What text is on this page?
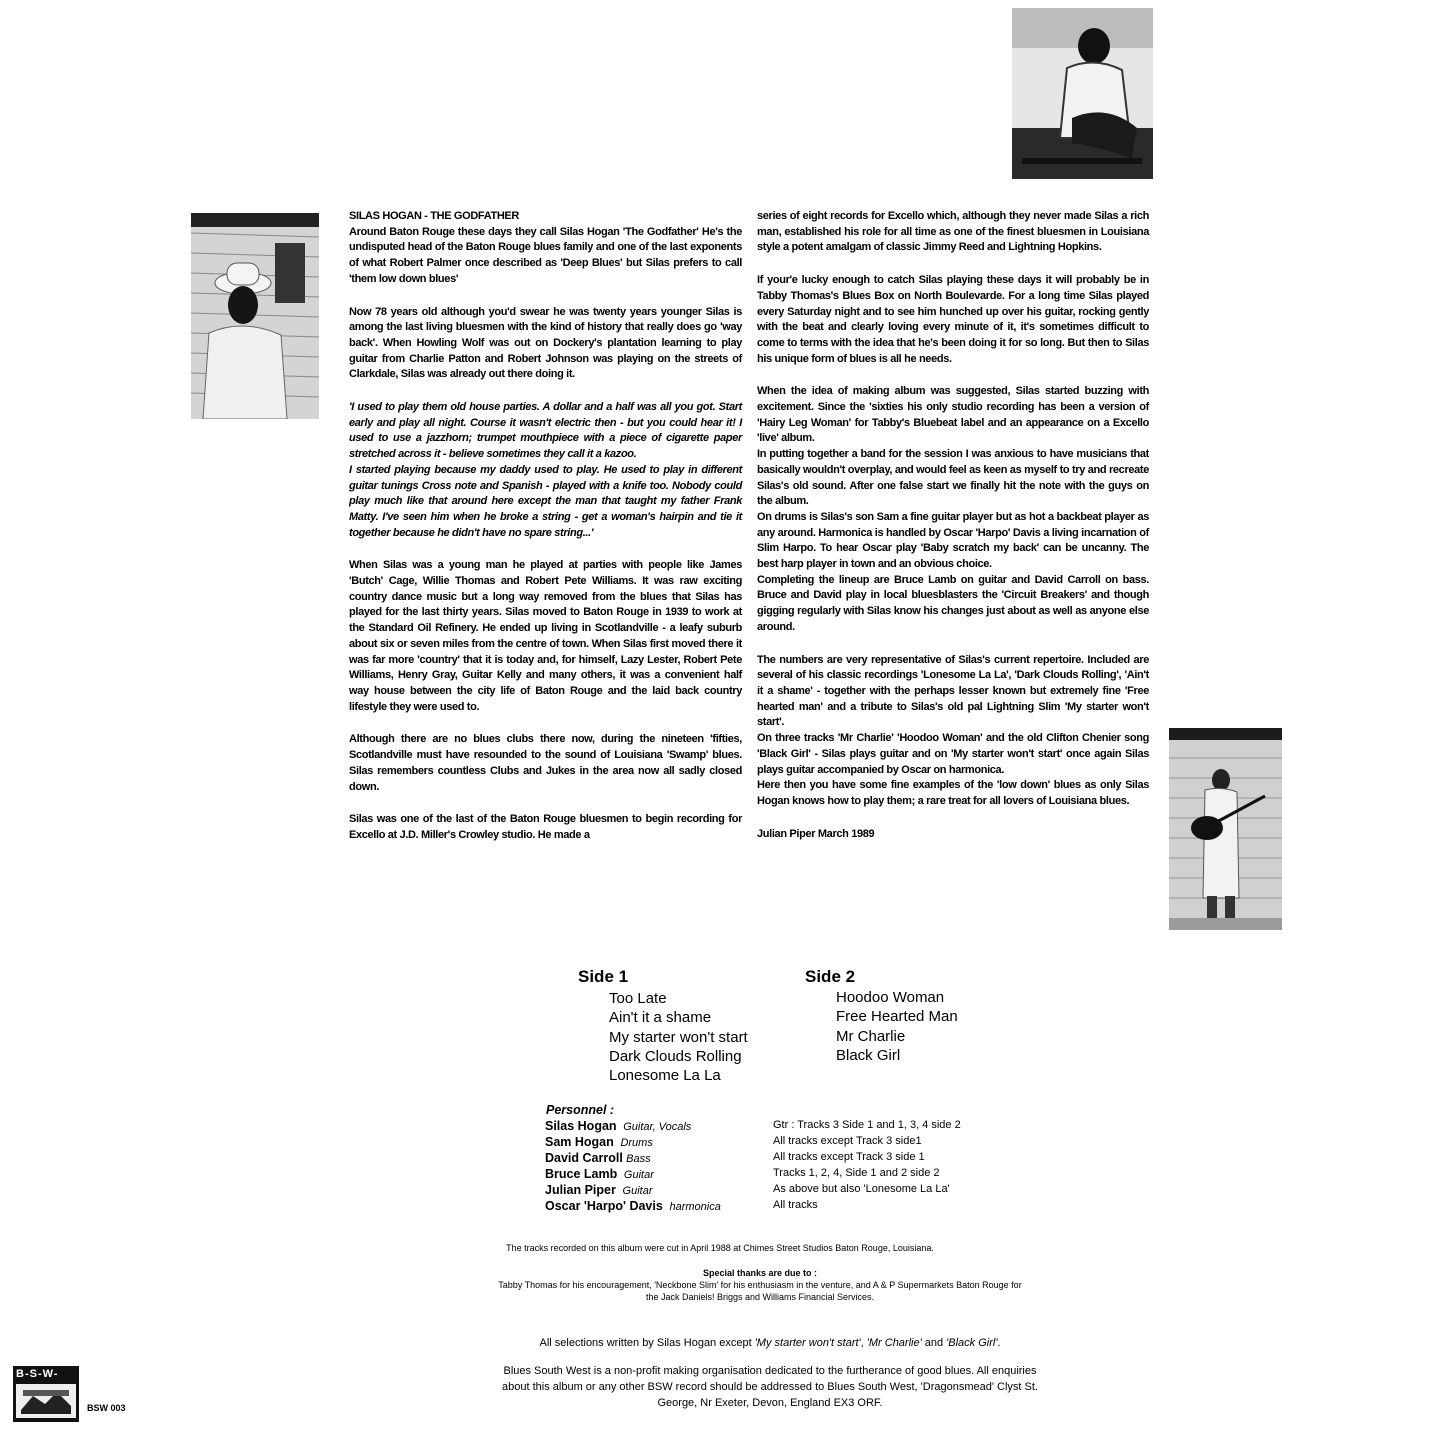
SILAS HOGAN - THE GODFATHER

Around Baton Rouge these days they call Silas Hogan 'The Godfather' He's the undisputed head of the Baton Rouge blues family and one of the last exponents of what Robert Palmer once described as 'Deep Blues' but Silas prefers to call 'them low down blues'

Now 78 years old although you'd swear he was twenty years younger Silas is among the last living bluesmen with the kind of history that really does go 'way back'. When Howling Wolf was out on Dockery's plantation learning to play guitar from Charlie Patton and Robert Johnson was playing on the streets of Clarkdale, Silas was already out there doing it.

'I used to play them old house parties. A dollar and a half was all you got. Start early and play all night. Course it wasn't electric then - but you could hear it! I used to use a jazzhorn; trumpet mouthpiece with a piece of cigarette paper stretched across it - believe sometimes they call it a kazoo.

I started playing because my daddy used to play. He used to play in different guitar tunings Cross note and Spanish - played with a knife too. Nobody could play much like that around here except the man that taught my father Frank Matty. I've seen him when he broke a string - get a woman's hairpin and tie it together because he didn't have no spare string...'

When Silas was a young man he played at parties with people like James 'Butch' Cage, Willie Thomas and Robert Pete Williams. It was raw exciting country dance music but a long way removed from the blues that Silas has played for the last thirty years. Silas moved to Baton Rouge in 1939 to work at the Standard Oil Refinery. He ended up living in Scotlandville - a leafy suburb about six or seven miles from the centre of town. When Silas first moved there it was far more 'country' that it is today and, for himself, Lazy Lester, Robert Pete Williams, Henry Gray, Guitar Kelly and many others, it was a convenient half way house between the city life of Baton Rouge and the laid back country lifestyle they were used to.

Although there are no blues clubs there now, during the nineteen 'fifties, Scotlandville must have resounded to the sound of Louisiana 'Swamp' blues. Silas remembers countless Clubs and Jukes in the area now all sadly closed down.

Silas was one of the last of the Baton Rouge bluesmen to begin recording for Excello at J.D. Miller's Crowley studio. He made a

series of eight records for Excello which, although they never made Silas a rich man, established his role for all time as one of the finest bluesmen in Louisiana style a potent amalgam of classic Jimmy Reed and Lightning Hopkins.

If your'e lucky enough to catch Silas playing these days it will probably be in Tabby Thomas's Blues Box on North Boulevarde. For a long time Silas played every Saturday night and to see him hunched up over his guitar, rocking gently with the beat and clearly loving every minute of it, it's sometimes difficult to come to terms with the idea that he's been doing it for so long. But then to Silas his unique form of blues is all he needs.

When the idea of making album was suggested, Silas started buzzing with excitement. Since the 'sixties his only studio recording has been a version of 'Hairy Leg Woman' for Tabby's Bluebeat label and an appearance on a Excello 'live' album.

In putting together a band for the session I was anxious to have musicians that basically wouldn't overplay, and would feel as keen as myself to try and recreate Silas's old sound. After one false start we finally hit the note with the guys on the album.

On drums is Silas's son Sam a fine guitar player but as hot a backbeat player as any around. Harmonica is handled by Oscar 'Harpo' Davis a living incarnation of Slim Harpo. To hear Oscar play 'Baby scratch my back' can be uncanny. The best harp player in town and an obvious choice.

Completing the lineup are Bruce Lamb on guitar and David Carroll on bass. Bruce and David play in local bluesblasters the 'Circuit Breakers' and though gigging regularly with Silas know his changes just about as well as anyone else around.

The numbers are very representative of Silas's current repertoire. Included are several of his classic recordings 'Lonesome La La', 'Dark Clouds Rolling', 'Ain't it a shame' - together with the perhaps lesser known but extremely fine 'Free hearted man' and a tribute to Silas's old pal Lightning Slim 'My starter won't start'.

On three tracks 'Mr Charlie' 'Hoodoo Woman' and the old Clifton Chenier song 'Black Girl' - Silas plays guitar and on 'My starter won't start' once again Silas plays guitar accompanied by Oscar on harmonica.

Here then you have some fine examples of the 'low down' blues as only Silas Hogan knows how to play them; a rare treat for all lovers of Louisiana blues.

Julian Piper March 1989

Side 1
Too Late
Ain't it a shame
My starter won't start
Dark Clouds Rolling
Lonesome La La
Side 2
Hoodoo Woman
Free Hearted Man
Mr Charlie
Black Girl
Personnel :
Silas Hogan Guitar, Vocals
Sam Hogan Drums
David Carroll Bass
Bruce Lamb Guitar
Julian Piper Guitar
Oscar 'Harpo' Davis harmonica
Gtr : Tracks 3 Side 1 and 1, 3, 4 side 2
All tracks except Track 3 side1
All tracks except Track 3 side 1
Tracks 1, 2, 4, Side 1 and 2 side 2
As above but also 'Lonesome La La'
All tracks
The tracks recorded on this album were cut in April 1988 at Chimes Street Studios Baton Rouge, Louisiana.
Special thanks are due to :
Tabby Thomas for his encouragement, 'Neckbone Slim' for his enthusiasm in the venture, and A & P Supermarkets Baton Rouge for
the Jack Daniels! Briggs and Williams Financial Services.
All selections written by Silas Hogan except 'My starter won't start', 'Mr Charlie' and 'Black Girl'.
Blues South West is a non-profit making organisation dedicated to the furtherance of good blues. All enquiries
about this album or any other BSW record should be addressed to Blues South West, 'Dragonsmead' Clyst St.
George, Nr Exeter, Devon, England EX3 ORF.
B-S-W-
BSW 003
